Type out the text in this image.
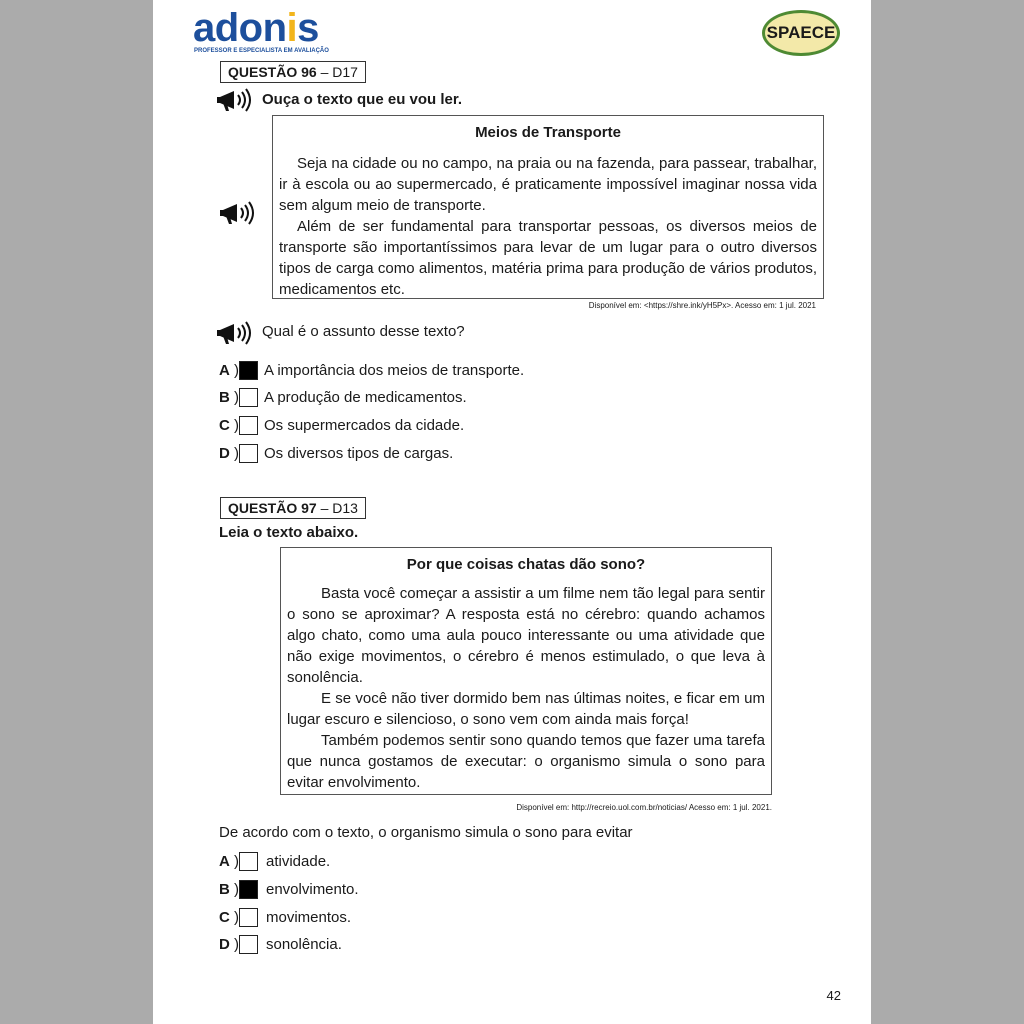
adonis
PROFESSOR E ESPECIALISTA EM AVALIAÇÃO
SPAECE
QUESTÃO 96 – D17
Ouça o texto que eu vou ler.
Meios de Transporte

Seja na cidade ou no campo, na praia ou na fazenda, para passear, trabalhar, ir à escola ou ao supermercado, é praticamente impossível imaginar nossa vida sem algum meio de transporte.

Além de ser fundamental para transportar pessoas, os diversos meios de transporte são importantíssimos para levar de um lugar para o outro diversos tipos de carga como alimentos, matéria prima para produção de vários produtos, medicamentos etc.

Disponível em: <https://shre.ink/yH5Px>. Acesso em: 1 jul. 2021
Qual é o assunto desse texto?
A ) A importância dos meios de transporte.
B ) A produção de medicamentos.
C ) Os supermercados da cidade.
D ) Os diversos tipos de cargas.
QUESTÃO 97 – D13
Leia o texto abaixo.
Por que coisas chatas dão sono?

Basta você começar a assistir a um filme nem tão legal para sentir o sono se aproximar? A resposta está no cérebro: quando achamos algo chato, como uma aula pouco interessante ou uma atividade que não exige movimentos, o cérebro é menos estimulado, o que leva à sonolência.

E se você não tiver dormido bem nas últimas noites, e ficar em um lugar escuro e silencioso, o sono vem com ainda mais força!

Também podemos sentir sono quando temos que fazer uma tarefa que nunca gostamos de executar: o organismo simula o sono para evitar envolvimento.

Disponível em: http://recreio.uol.com.br/noticias/ Acesso em: 1 jul. 2021.
De acordo com o texto, o organismo simula o sono para evitar
A ) atividade.
B ) envolvimento.
C ) movimentos.
D ) sonolência.
42
